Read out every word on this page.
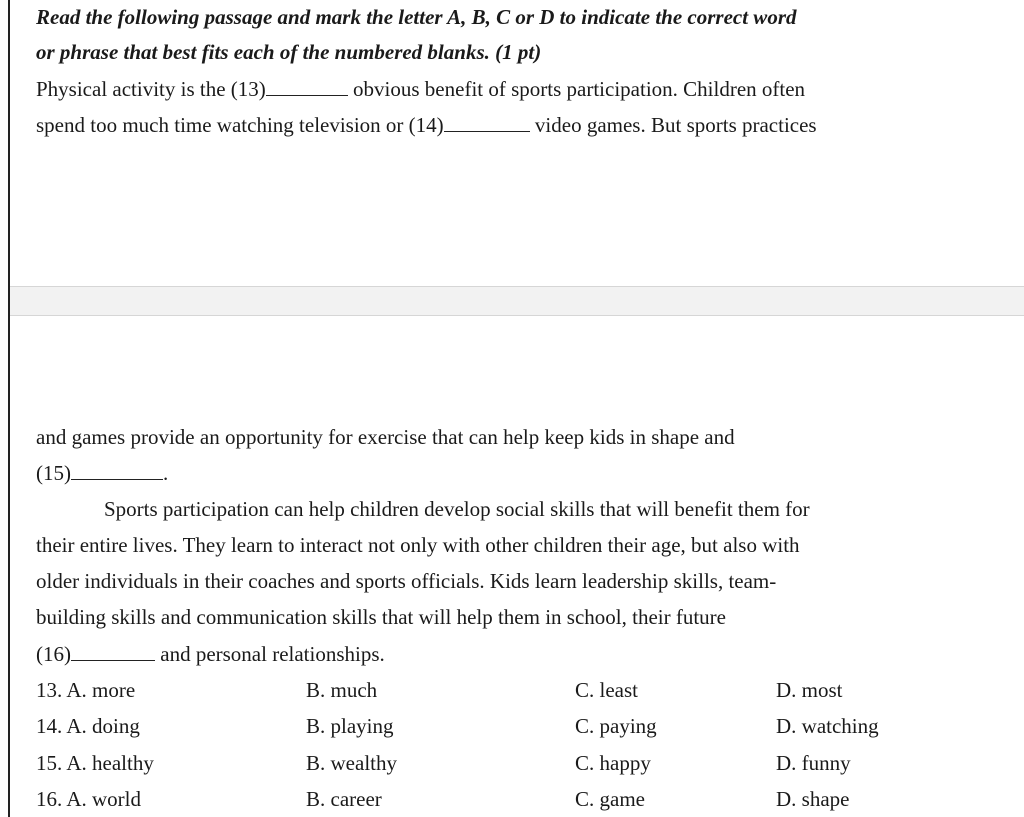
Read the following passage and mark the letter A, B, C or D to indicate the correct word
or phrase that best fits each of the numbered blanks. (1 pt)
Physical activity is the (13)	obvious benefit of sports participation. Children often
spend too much time watching television or (14)	video games. But sports practices
and games provide an opportunity for exercise that can help keep kids in shape and
(15)	.
Sports participation can help children develop social skills that will benefit them for
their entire lives. They learn to interact not only with other children their age, but also with
older individuals in their coaches and sports officials. Kids learn leadership skills, team-
building skills and communication skills that will help them in school, their future
(16)	and personal relationships.
13. A. more	B. much	C. least	D. most
14. A. doing	B. playing	C. paying	D. watching
15. A. healthy	B. wealthy	C. happy	D. funny
16. A. world	B. career	C. game	D. shape
